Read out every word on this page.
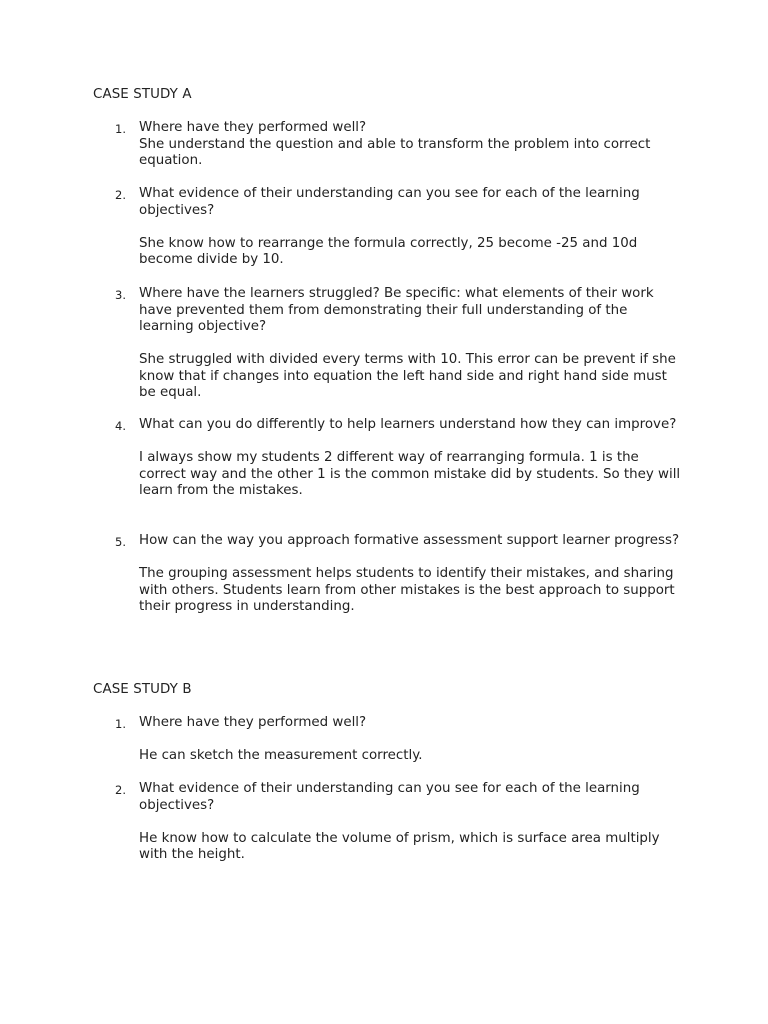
CASE STUDY A
1. Where have they performed well?

She understand the question and able to transform the problem into correct equation.

2. What evidence of their understanding can you see for each of the learning objectives?

She know how to rearrange the formula correctly, 25 become -25 and 10d become divide by 10.

3. Where have the learners struggled? Be specific: what elements of their work have prevented them from demonstrating their full understanding of the learning objective?

She struggled with divided every terms with 10. This error can be prevent if she know that if changes into equation the left hand side and right hand side must be equal.

4. What can you do differently to help learners understand how they can improve?

I always show my students 2 different way of rearranging formula. 1 is the correct way and the other 1 is the common mistake did by students. So they will learn from the mistakes.

5. How can the way you approach formative assessment support learner progress?

The grouping assessment helps students to identify their mistakes, and sharing with others. Students learn from other mistakes is the best approach to support their progress in understanding.

CASE STUDY B
1. Where have they performed well?

He can sketch the measurement correctly.

2. What evidence of their understanding can you see for each of the learning objectives?

He know how to calculate the volume of prism, which is surface area multiply with the height.
